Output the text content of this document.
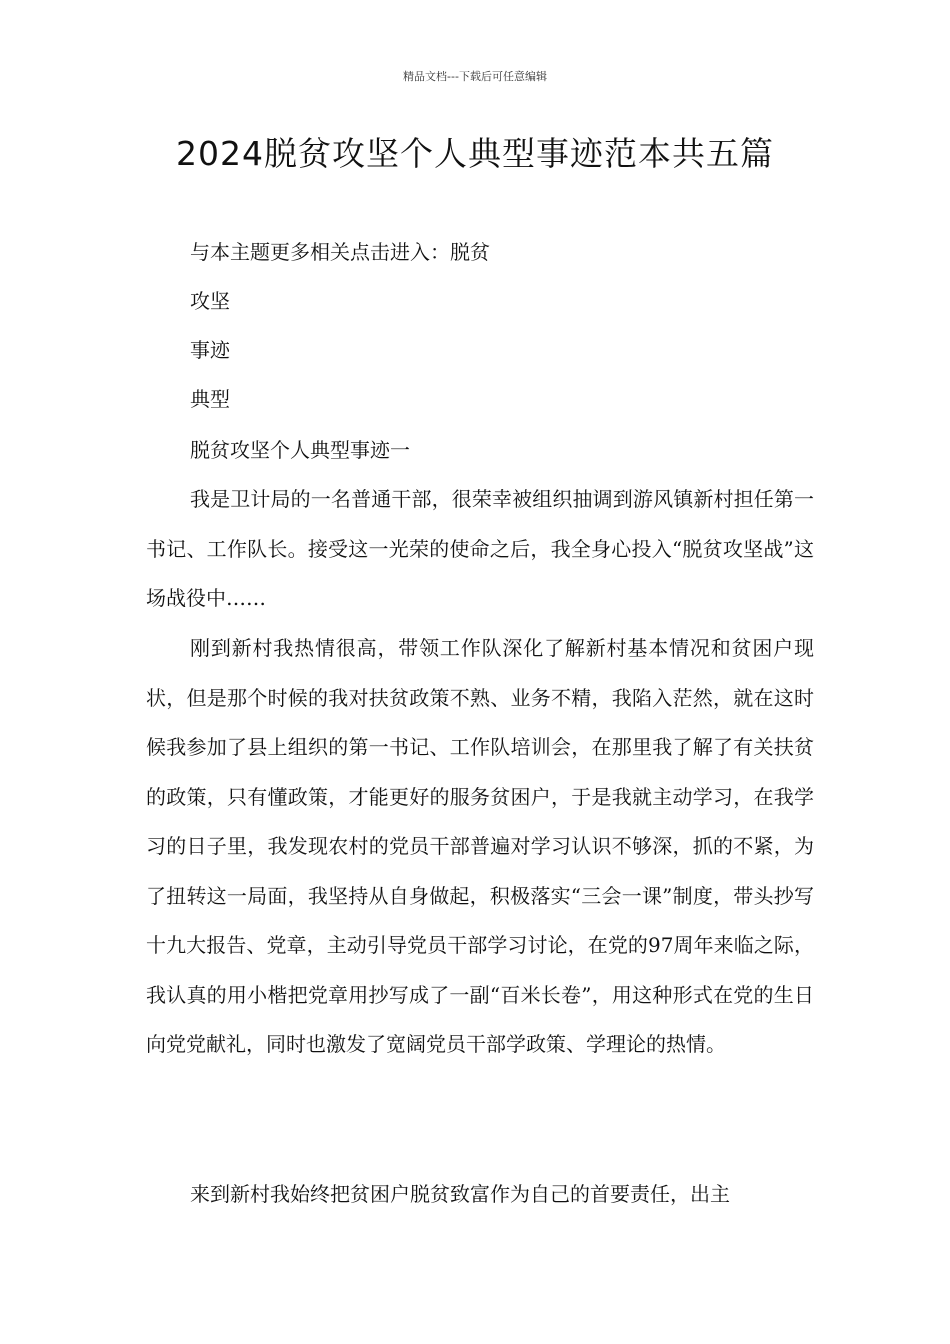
精品文档---下载后可任意编辑
2024脱贫攻坚个人典型事迹范本共五篇
与本主题更多相关点击进入：脱贫
攻坚
事迹
典型
脱贫攻坚个人典型事迹一

我是卫计局的一名普通干部，很荣幸被组织抽调到游风镇新村担任第一书记、工作队长。接受这一光荣的使命之后，我全身心投入“脱贫攻坚战”这场战役中……

刚到新村我热情很高，带领工作队深化了解新村基本情况和贫困户现状，但是那个时候的我对扶贫政策不熟、业务不精，我陷入茫然，就在这时候我参加了县上组织的第一书记、工作队培训会，在那里我了解了有关扶贫的政策，只有懂政策，才能更好的服务贫困户，于是我就主动学习，在我学习的日子里，我发现农村的党员干部普遍对学习认识不够深，抓的不紧，为了扭转这一局面，我坚持从自身做起，积极落实“三会一课”制度，带头抄写十九大报告、党章，主动引导党员干部学习讨论，在党的97周年来临之际，我认真的用小楷把党章用抄写成了一副“百米长卷”，用这种形式在党的生日向党党献礼，同时也激发了宽阔党员干部学政策、学理论的热情。

来到新村我始终把贫困户脱贫致富作为自己的首要责任，出主
